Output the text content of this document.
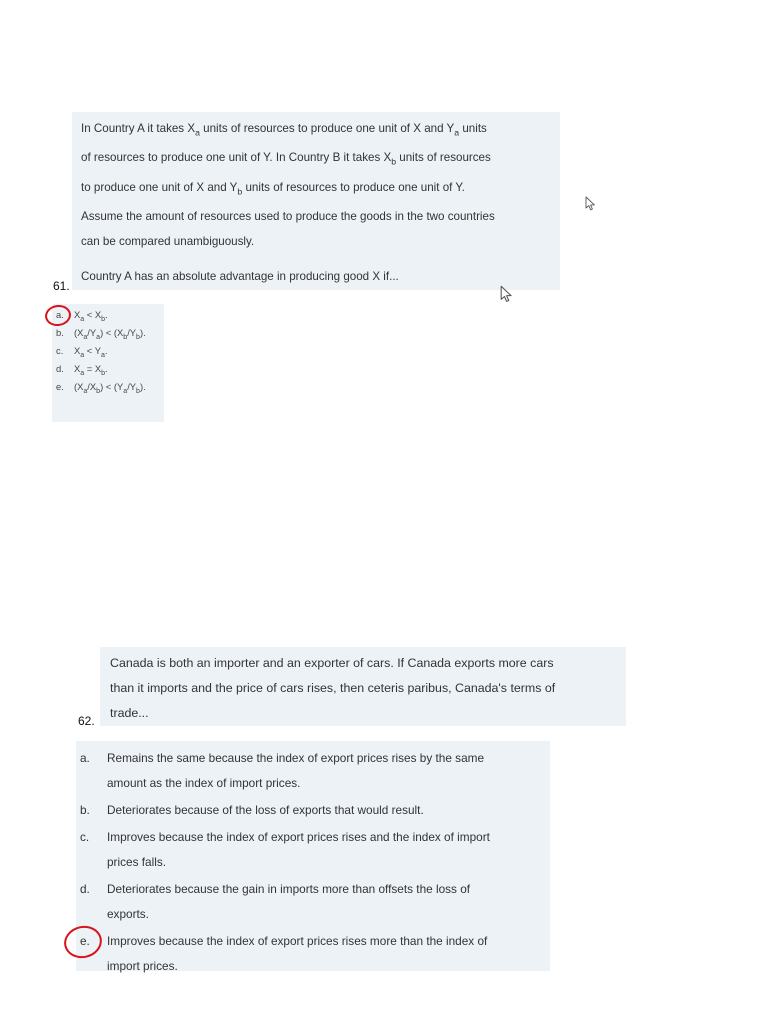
In Country A it takes $X_a$ units of resources to produce one unit of X and $Y_a$ units
of resources to produce one unit of Y. In Country B it takes $X_b$ units of resources
to produce one unit of X and $Y_b$ units of resources to produce one unit of Y.
Assume the amount of resources used to produce the goods in the two countries
can be compared unambiguously.
Country A has an absolute advantage in producing good X if...
61.
a. $X_a < X_b$.
b. $(X_a/Y_a) < (X_b/Y_b)$.
c. $X_a < Y_a$.
d. $X_a = X_b$.
e. $(X_a/X_b) < (Y_a/Y_b)$.
Canada is both an importer and an exporter of cars. If Canada exports more cars
than it imports and the price of cars rises, then ceteris paribus, Canada's terms of
trade...
62.
a.	Remains the same because the index of export prices rises by the same
amount as the index of import prices.
b.	Deteriorates because of the loss of exports that would result.
c.	Improves because the index of export prices rises and the index of import
prices falls.
d.	Deteriorates because the gain in imports more than offsets the loss of
exports.
e.	Improves because the index of export prices rises more than the index of
import prices.
